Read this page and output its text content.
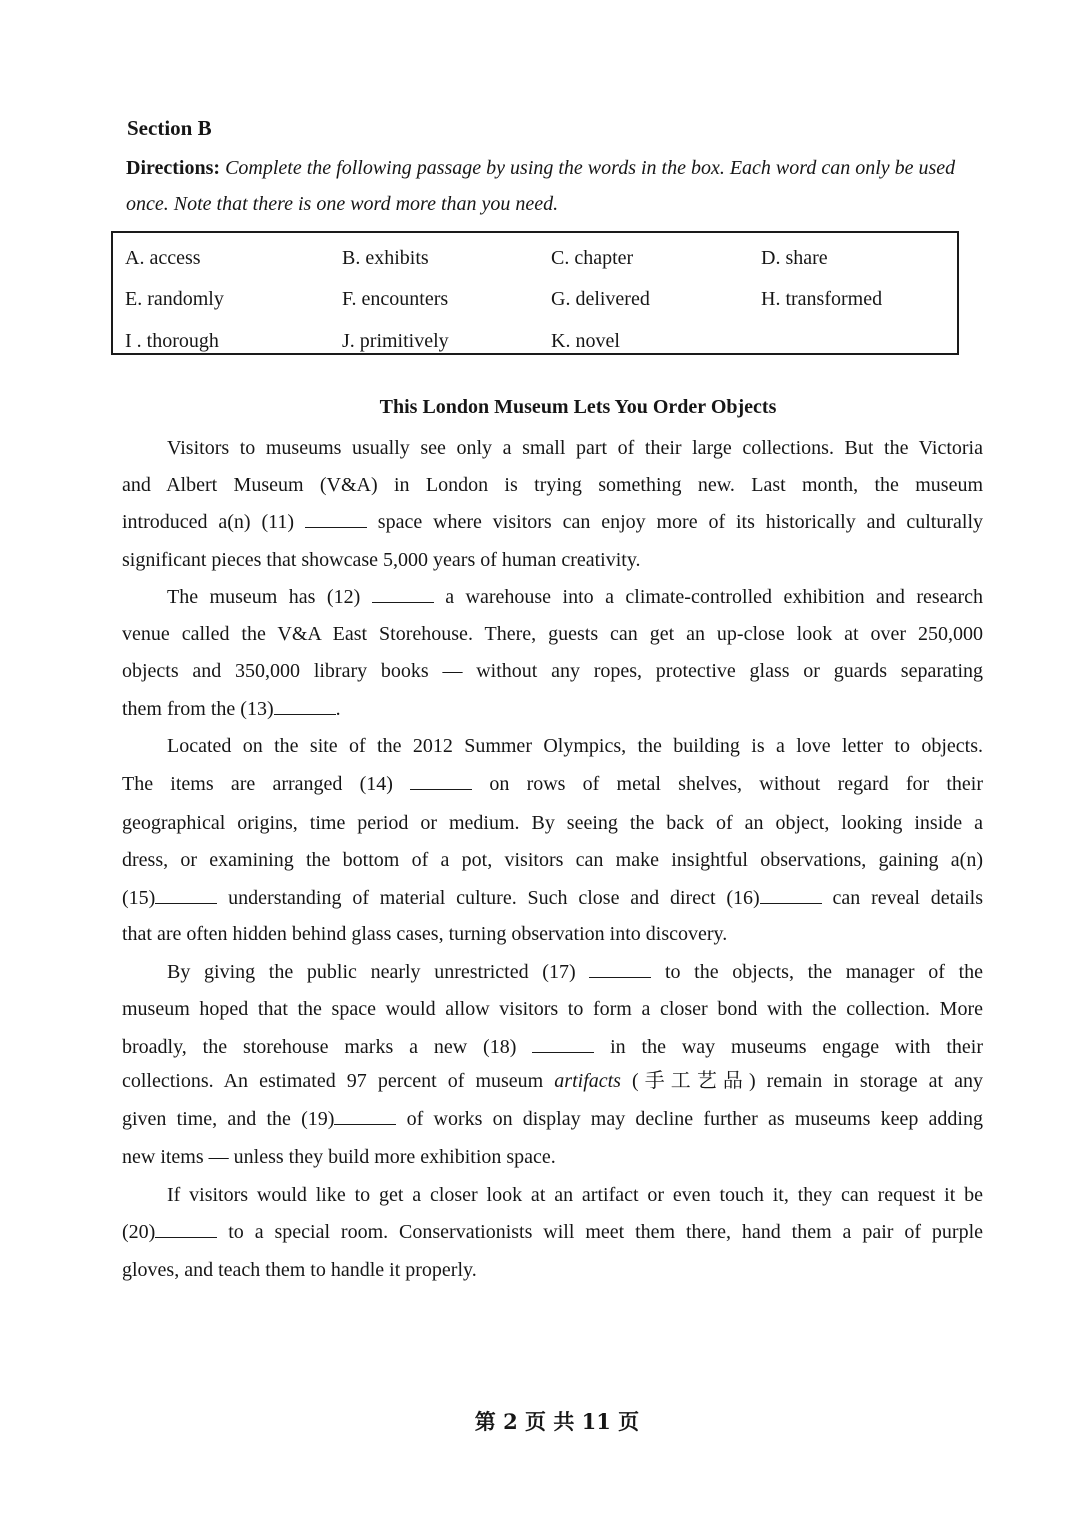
Section B
Directions: Complete the following passage by using the words in the box. Each word can only be used once. Note that there is one word more than you need.
A. access	B. exhibits	C. chapter	D. share
E. randomly	F. encounters	G. delivered	H. transformed
I . thorough	J. primitively	K. novel
This London Museum Lets You Order Objects
Visitors to museums usually see only a small part of their large collections. But the Victoria
and Albert Museum (V&A) in London is trying something new. Last month, the museum
introduced a(n) (11)	space where visitors can enjoy more of its historically and culturally
significant pieces that showcase 5,000 years of human creativity.
The museum has (12)	a warehouse into a climate-controlled exhibition and research
venue called the V&A East Storehouse. There, guests can get an up-close look at over 250,000
objects and 350,000 library books — without any ropes, protective glass or guards separating
them from the (13)	.
Located on the site of the 2012 Summer Olympics, the building is a love letter to objects.
The items are arranged (14)	on rows of metal shelves, without regard for their
geographical origins, time period or medium. By seeing the back of an object, looking inside a
dress, or examining the bottom of a pot, visitors can make insightful observations, gaining a(n)
(15)	understanding of material culture. Such close and direct (16)	can reveal details
that are often hidden behind glass cases, turning observation into discovery.
By giving the public nearly unrestricted (17)	to the objects, the manager of the
museum hoped that the space would allow visitors to form a closer bond with the collection. More
broadly, the storehouse marks a new (18)	in the way museums engage with their
collections. An estimated 97 percent of museum artifacts (手工艺品) remain in storage at any
given time, and the (19)	of works on display may decline further as museums keep adding
new items — unless they build more exhibition space.
If visitors would like to get a closer look at an artifact or even touch it, they can request it be
(20)	to a special room. Conservationists will meet them there, hand them a pair of purple
gloves, and teach them to handle it properly.
第 2 页 共 11 页
